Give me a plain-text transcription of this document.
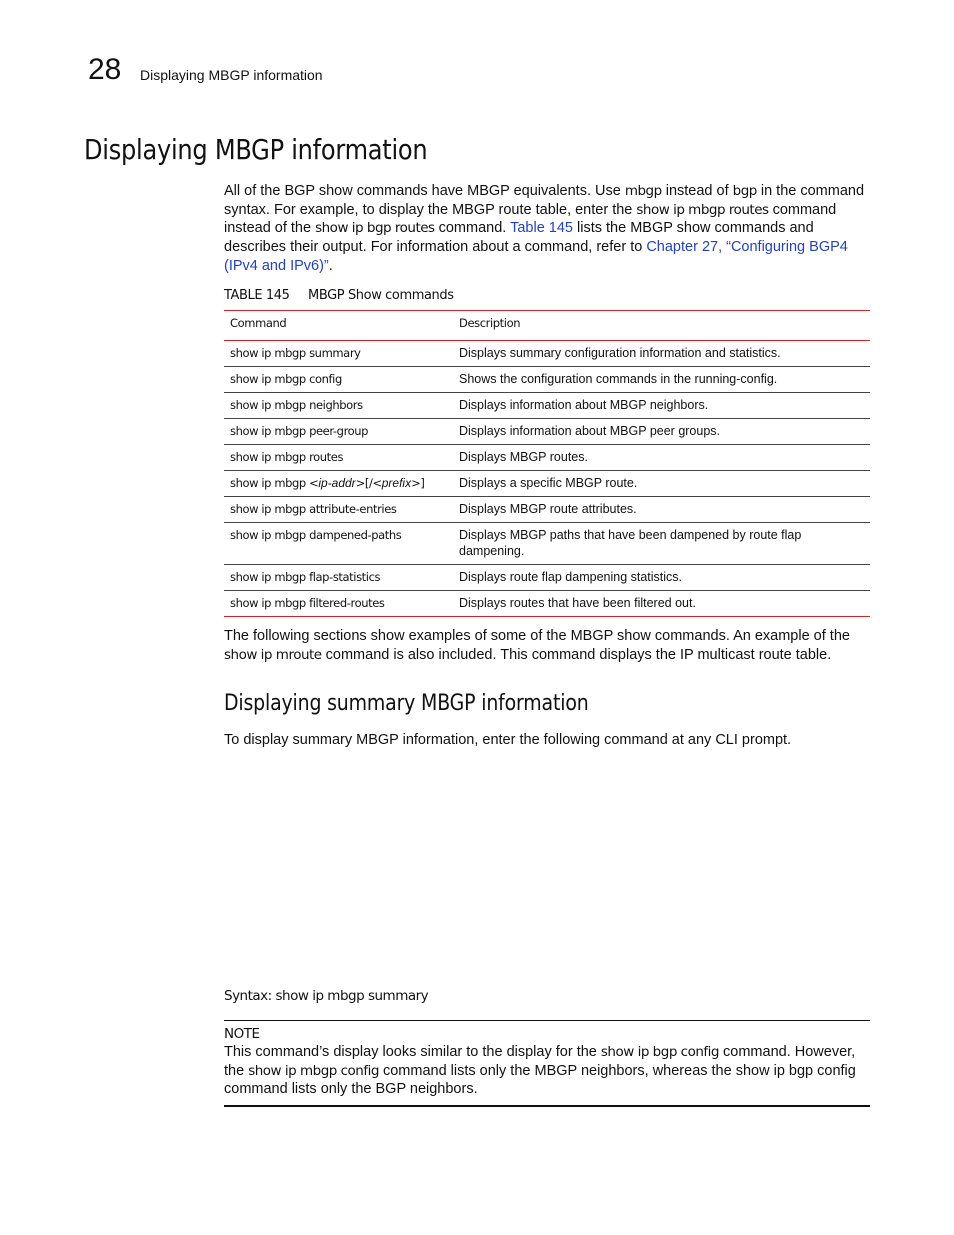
28 Displaying MBGP information
Displaying MBGP information

All of the BGP show commands have MBGP equivalents. Use mbgp instead of bgp in the command syntax. For example, to display the MBGP route table, enter the show ip mbgp routes command instead of the show ip bgp routes command. Table 145 lists the MBGP show commands and describes their output. For information about a command, refer to Chapter 27, “Configuring BGP4 (IPv4 and IPv6)”.

TABLE 145 MBGP Show commands
Command	Description
show ip mbgp summary	Displays summary configuration information and statistics.
show ip mbgp config	Shows the configuration commands in the running-config.
show ip mbgp neighbors	Displays information about MBGP neighbors.
show ip mbgp peer-group	Displays information about MBGP peer groups.
show ip mbgp routes	Displays MBGP routes.
show ip mbgp <ip-addr>[/<prefix>]	Displays a specific MBGP route.
show ip mbgp attribute-entries	Displays MBGP route attributes.
show ip mbgp dampened-paths	Displays MBGP paths that have been dampened by route flap dampening.
show ip mbgp flap-statistics	Displays route flap dampening statistics.
show ip mbgp filtered-routes	Displays routes that have been filtered out.

The following sections show examples of some of the MBGP show commands. An example of the show ip mroute command is also included. This command displays the IP multicast route table.

Displaying summary MBGP information

To display summary MBGP information, enter the following command at any CLI prompt.

Syntax: show ip mbgp summary
NOTE
This command’s display looks similar to the display for the show ip bgp config command. However, the show ip mbgp config command lists only the MBGP neighbors, whereas the show ip bgp config command lists only the BGP neighbors.
